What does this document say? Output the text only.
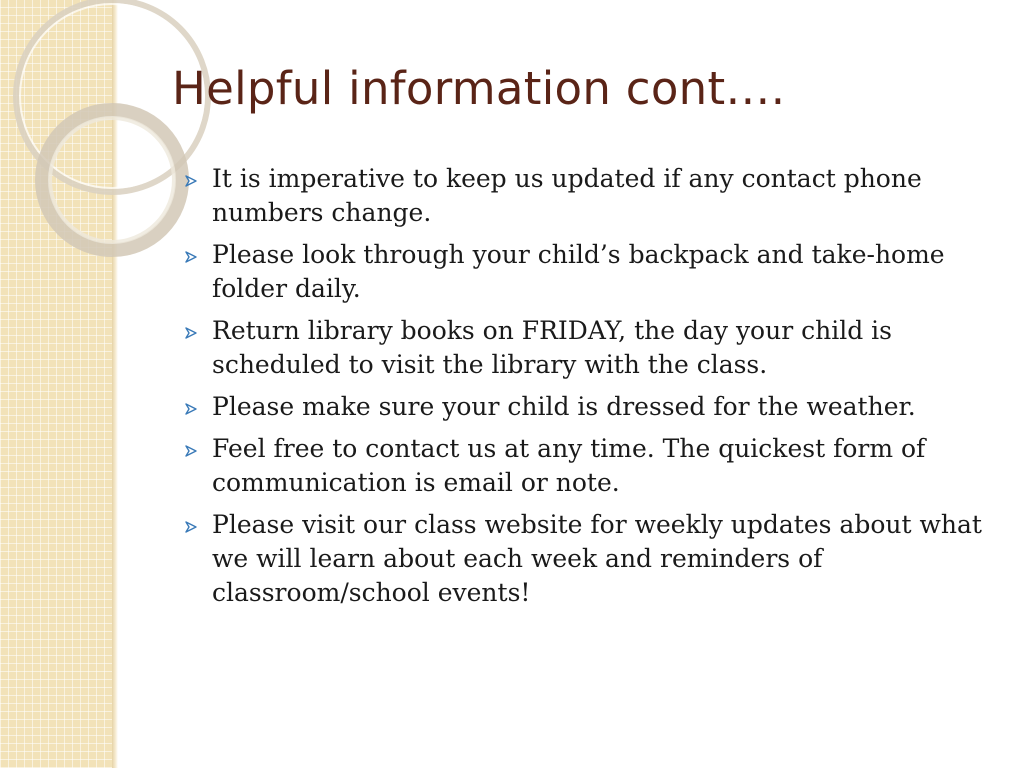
Helpful information cont….
It is imperative to keep us updated if any contact phone numbers change.
Please look through your child’s backpack and take-home folder daily.
Return library books on FRIDAY, the day your child is scheduled to visit the library with the class.
Please make sure your child is dressed for the weather.
Feel free to contact us at any time. The quickest form of communication is email or note.
Please visit our class website for weekly updates about what we will learn about each week and reminders of classroom/school events!
